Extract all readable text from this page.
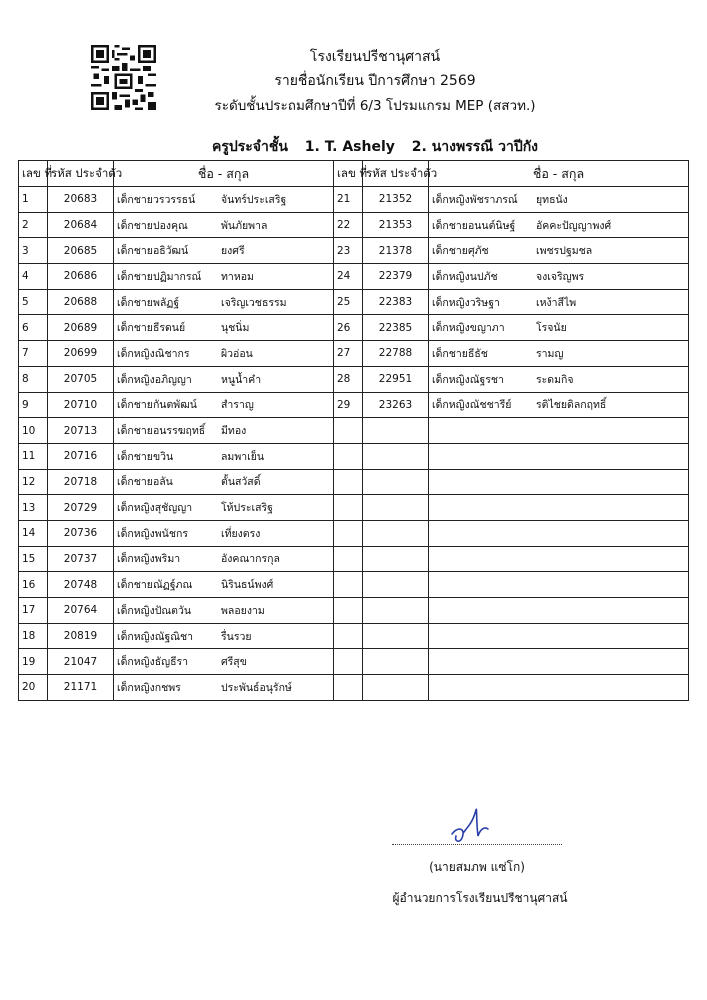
โรงเรียนปรีชานุศาสน์
รายชื่อนักเรียน ปีการศึกษา 2569
ระดับชั้นประถมศึกษาปีที่ 6/3 โปรมแกรม MEP (สสวท.)
ครูประจำชั้น 1. T. Ashely 2. นางพรรณี วาปีกัง
เลข ที่	รหัส ประจำตัว	ชื่อ - สกุล	เลข ที่	รหัส ประจำตัว	ชื่อ - สกุล
1	20683	เด็กชายวรวรรธน์ จันทร์ประเสริฐ	21	21352	เด็กหญิงพัชราภรณ์ ยุทธนัง
2	20684	เด็กชายปองคุณ พันภัยพาล	22	21353	เด็กชายอนนต์นิษฐ์ อัคคะปัญญาพงศ์
3	20685	เด็กชายอธิวัฒน์ ยงศรี	23	21378	เด็กชายศุภัช เพชรปฐมชล
4	20686	เด็กชายปฏิมากรณ์ ทาหอม	24	22379	เด็กหญิงนปภัช จงเจริญพร
5	20688	เด็กชายพลัฏฐ์ เจริญเวชธรรม	25	22383	เด็กหญิงวริษฐา เหง้าสีไพ
6	20689	เด็กชายธีรดนย์ นุชนิ่ม	26	22385	เด็กหญิงขญาภา โรจนัย
7	20699	เด็กหญิงณิชากร ผิวอ่อน	27	22788	เด็กชายธีธัช รามญ
8	20705	เด็กหญิงอภิญญา หนูน้ำคำ	28	22951	เด็กหญิงณัฐรชา ระดมกิจ
9	20710	เด็กชายกันตพัฒน์ สำราญ	29	23263	เด็กหญิงณัชชารีย์ รติไชยดิลกฤทธิ์
10	20713	เด็กชายอนรรฆฤทธิ์ มีทอง			
11	20716	เด็กชายขวิน ลมพาเย็น			
12	20718	เด็กชายอลัน ตั้นสวัสดิ์			
13	20729	เด็กหญิงสุชัญญา โห้ประเสริฐ			
14	20736	เด็กหญิงพนัชกร เที่ยงตรง			
15	20737	เด็กหญิงพริมา อังคณากรกุล			
16	20748	เด็กชายณัฏฐ์ภณ นิรินธน์พงศ์			
17	20764	เด็กหญิงปัณตวัน พลอยงาม			
18	20819	เด็กหญิงณัฐณิชา รื่นรวย			
19	21047	เด็กหญิงธัญธีรา ศรีสุข			
20	21171	เด็กหญิงกชพร ประพันธ์อนุรักษ์			
(นายสมภพ แซ่โก)
ผู้อำนวยการโรงเรียนปรีชานุศาสน์
